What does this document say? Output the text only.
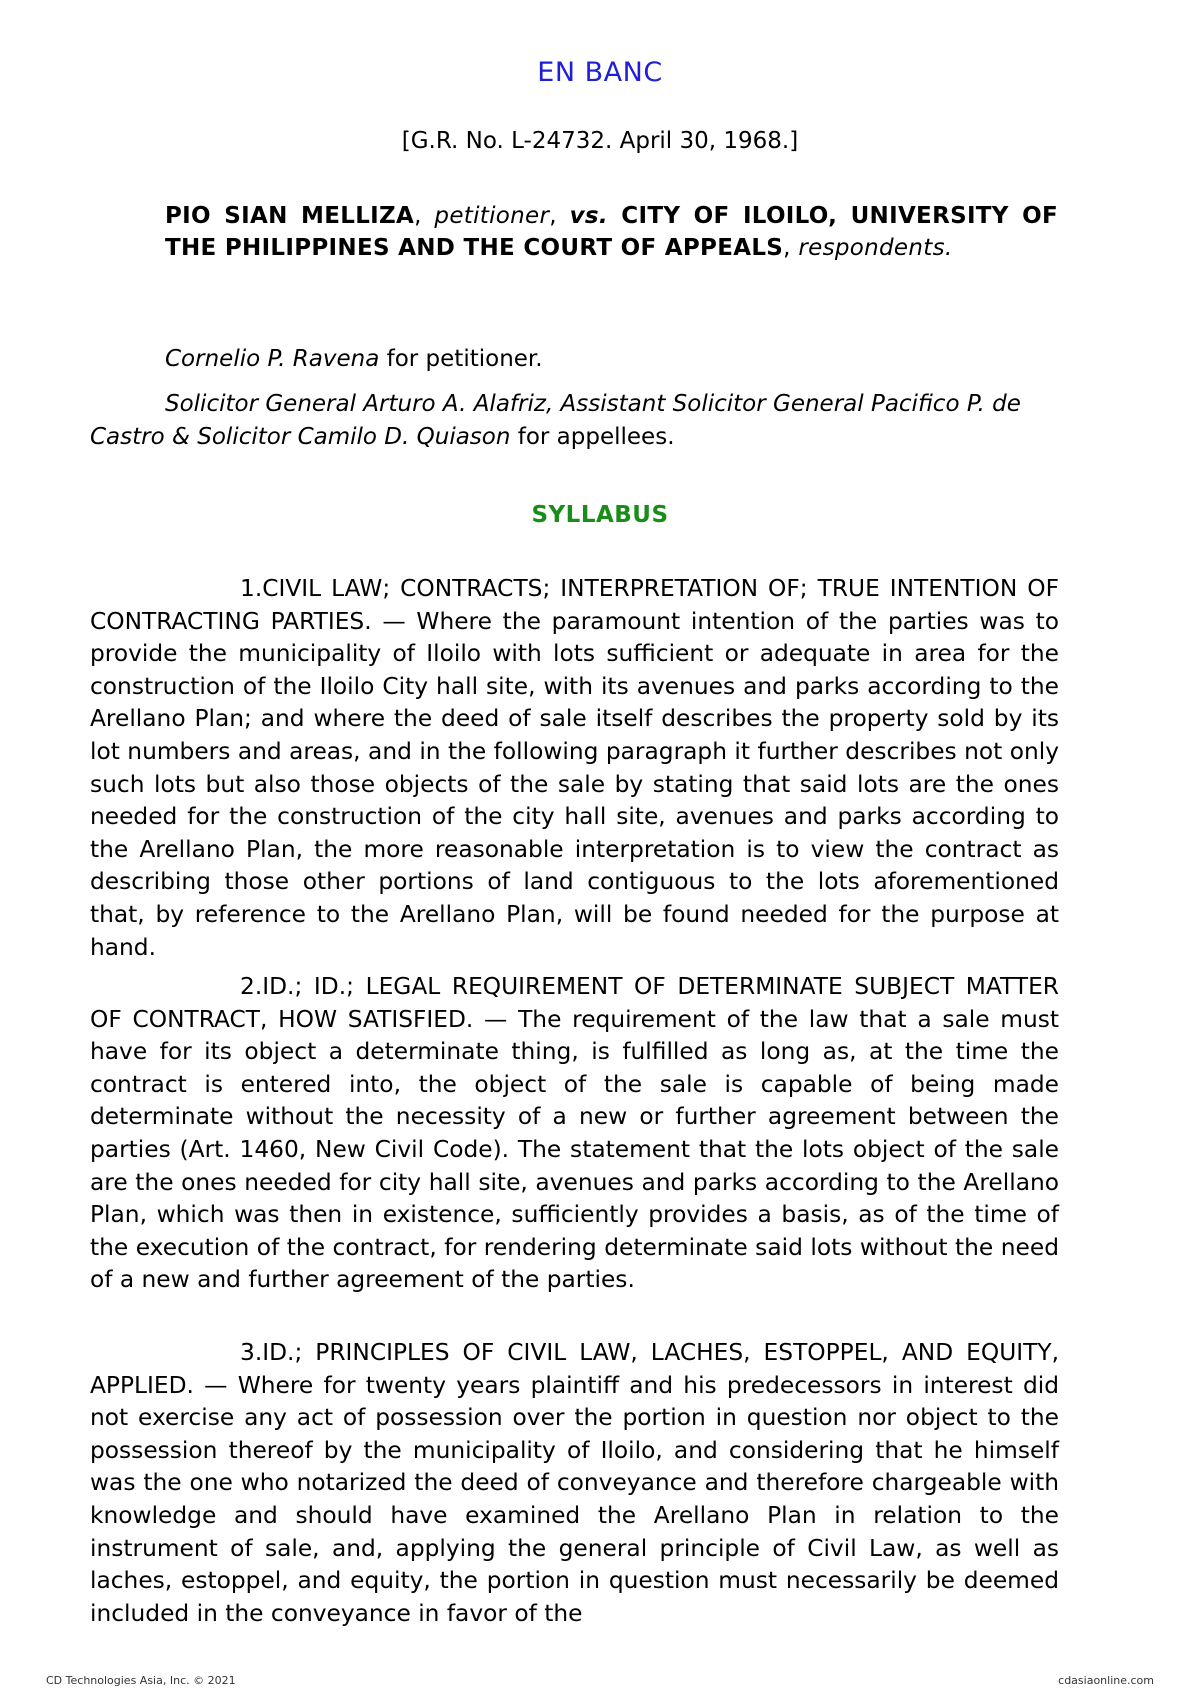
EN BANC
[G.R. No. L-24732. April 30, 1968.]
PIO SIAN MELLIZA, petitioner, vs. CITY OF ILOILO, UNIVERSITY OF THE PHILIPPINES AND THE COURT OF APPEALS, respondents.
Cornelio P. Ravena for petitioner.
Solicitor General Arturo A. Alafriz, Assistant Solicitor General Pacifico P. de Castro & Solicitor Camilo D. Quiason for appellees.
SYLLABUS
1.CIVIL LAW; CONTRACTS; INTERPRETATION OF; TRUE INTENTION OF CONTRACTING PARTIES. — Where the paramount intention of the parties was to provide the municipality of Iloilo with lots sufficient or adequate in area for the construction of the Iloilo City hall site, with its avenues and parks according to the Arellano Plan; and where the deed of sale itself describes the property sold by its lot numbers and areas, and in the following paragraph it further describes not only such lots but also those objects of the sale by stating that said lots are the ones needed for the construction of the city hall site, avenues and parks according to the Arellano Plan, the more reasonable interpretation is to view the contract as describing those other portions of land contiguous to the lots aforementioned that, by reference to the Arellano Plan, will be found needed for the purpose at hand.
2.ID.; ID.; LEGAL REQUIREMENT OF DETERMINATE SUBJECT MATTER OF CONTRACT, HOW SATISFIED. — The requirement of the law that a sale must have for its object a determinate thing, is fulfilled as long as, at the time the contract is entered into, the object of the sale is capable of being made determinate without the necessity of a new or further agreement between the parties (Art. 1460, New Civil Code). The statement that the lots object of the sale are the ones needed for city hall site, avenues and parks according to the Arellano Plan, which was then in existence, sufficiently provides a basis, as of the time of the execution of the contract, for rendering determinate said lots without the need of a new and further agreement of the parties.
3.ID.; PRINCIPLES OF CIVIL LAW, LACHES, ESTOPPEL, AND EQUITY, APPLIED. — Where for twenty years plaintiff and his predecessors in interest did not exercise any act of possession over the portion in question nor object to the possession thereof by the municipality of Iloilo, and considering that he himself was the one who notarized the deed of conveyance and therefore chargeable with knowledge and should have examined the Arellano Plan in relation to the instrument of sale, and, applying the general principle of Civil Law, as well as laches, estoppel, and equity, the portion in question must necessarily be deemed included in the conveyance in favor of the
CD Technologies Asia, Inc. © 2021	cdasiaonline.com
